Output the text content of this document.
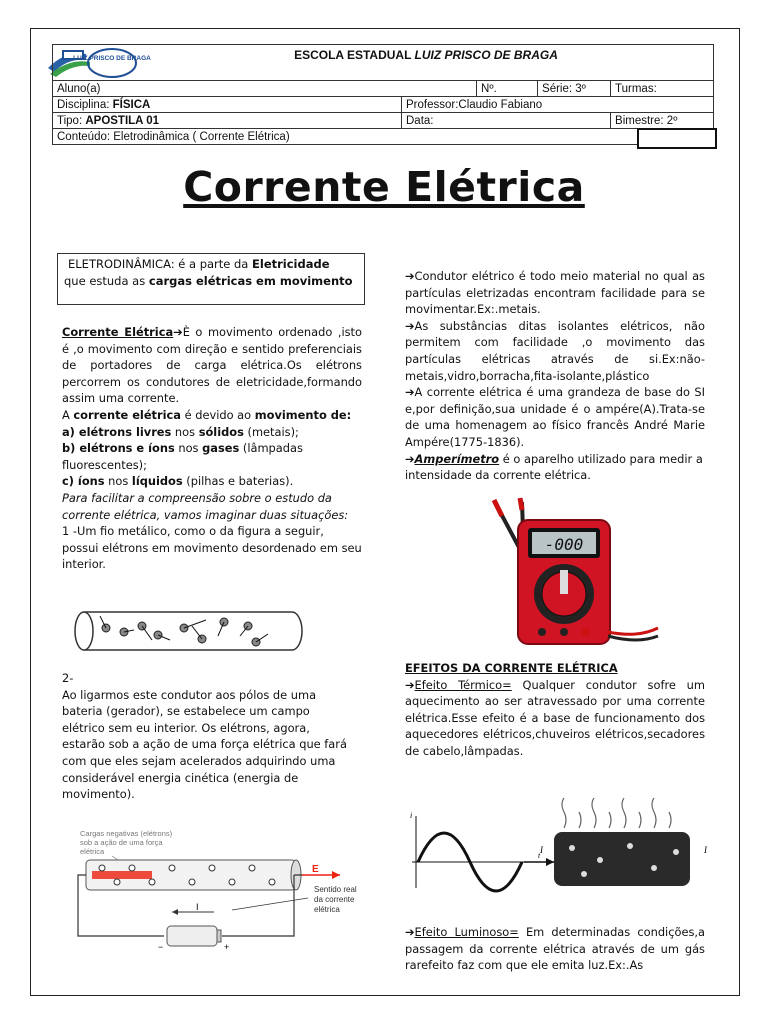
LUIZ PRISCO DE BRAGA	ESCOLA ESTADUAL LUIZ PRISCO DE BRAGA				
Aluno(a)		Nº.	Série: 3º	Turmas:
Disciplina: FÍSICA	Professor:Claudio Fabiano			
Tipo: APOSTILA 01	Data:			Bimestre: 2º
Conteúdo: Eletrodinâmica ( Corrente Elétrica)				
Corrente Elétrica
ELETRODINÂMICA: é a parte da Eletricidade
que estuda as cargas elétricas em movimento

Corrente Elétrica➔È o movimento ordenado ,isto é ,o movimento com direção e sentido preferenciais de portadores de carga elétrica.Os elétrons percorrem os condutores de eletricidade,formando assim uma corrente.

A corrente elétrica é devido ao movimento de:

a) elétrons livres nos sólidos (metais);

b) elétrons e íons nos gases (lâmpadas fluorescentes);

c) íons nos líquidos (pilhas e baterias).

Para facilitar a compreensão sobre o estudo da corrente elétrica, vamos imaginar duas situações:

1 -Um fio metálico, como o da figura a seguir, possui elétrons em movimento desordenado em seu interior.

2-

Ao ligarmos este condutor aos pólos de uma bateria (gerador), se estabelece um campo elétrico sem eu interior. Os elétrons, agora, estarão sob a ação de uma força elétrica que fará com que eles sejam acelerados adquirindo uma considerável energia cinética (energia de movimento).

Cargas negativas (elétrons) sob a ação de uma força elétrica
E
I
−	+
Sentido real da corrente elétrica

➔Condutor elétrico é todo meio material no qual as partículas eletrizadas encontram facilidade para se movimentar.Ex:.metais.

➔As substâncias ditas isolantes elétricos, não permitem com facilidade ,o movimento das partículas elétricas através de si.Ex:não-metais,vidro,borracha,fita-isolante,plástico

➔A corrente elétrica é uma grandeza de base do SI e,por definição,sua unidade é o ampére(A).Trata-se de uma homenagem ao físico francês André Marie Ampére(1775-1836).

➔Amperímetro é o aparelho utilizado para medir a intensidade da corrente elétrica.

-000

EFEITOS DA CORRENTE ELÉTRICA

➔Efeito Térmico= Qualquer condutor sofre um aquecimento ao ser atravessado por uma corrente elétrica.Esse efeito é a base de funcionamento dos aquecedores elétricos,chuveiros elétricos,secadores de cabelo,lâmpadas.

i
t
I	I

➔Efeito Luminoso= Em determinadas condições,a passagem da corrente elétrica através de um gás rarefeito faz com que ele emita luz.Ex:.As
